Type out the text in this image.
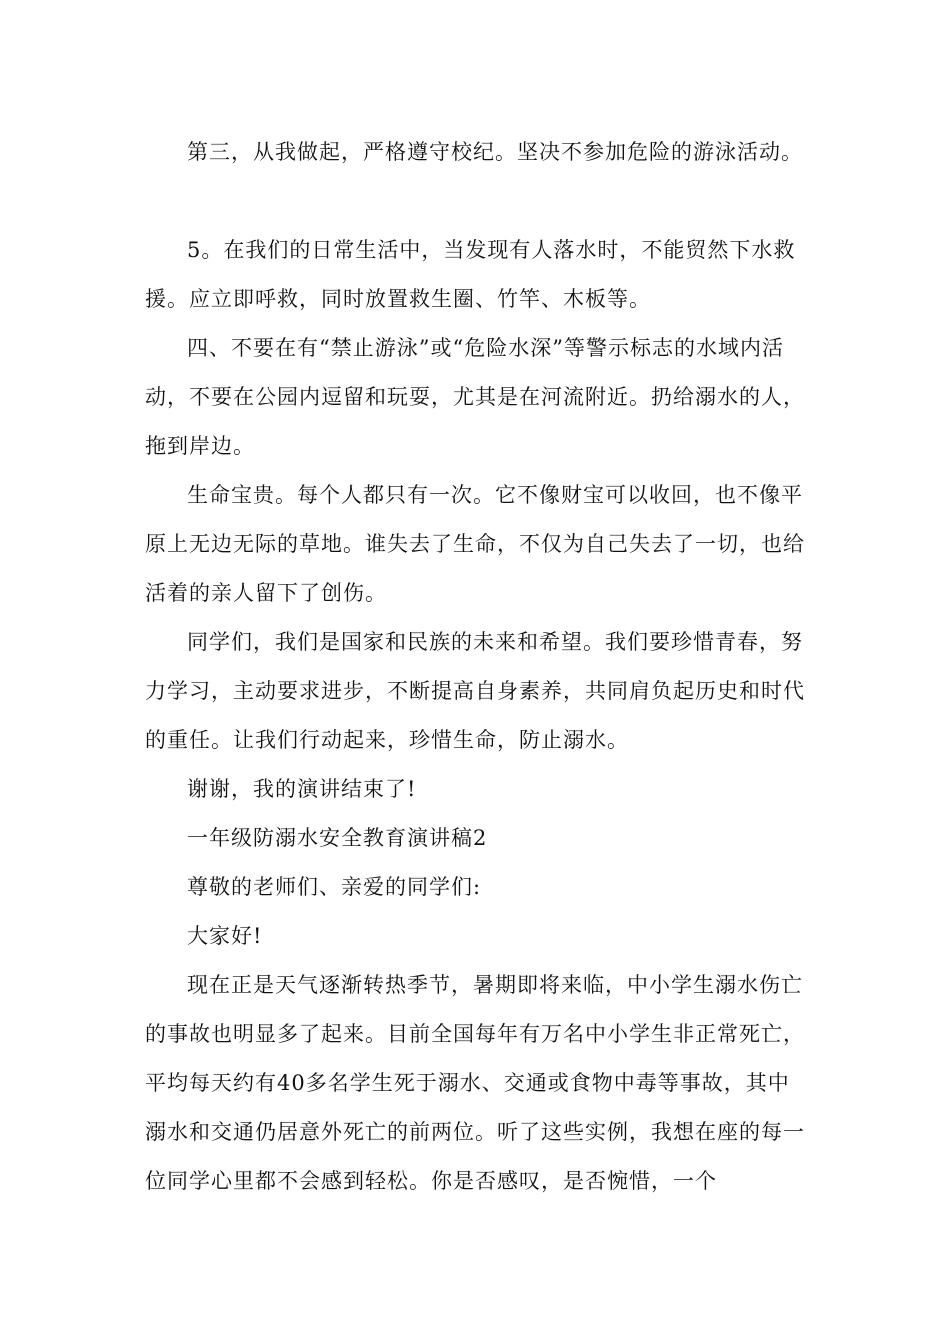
第三，从我做起，严格遵守校纪。坚决不参加危险的游泳活动。

5。在我们的日常生活中，当发现有人落水时，不能贸然下水救援。应立即呼救，同时放置救生圈、竹竿、木板等。

四、不要在有“禁止游泳”或“危险水深”等警示标志的水域内活动，不要在公园内逗留和玩耍，尤其是在河流附近。扔给溺水的人，拖到岸边。

生命宝贵。每个人都只有一次。它不像财宝可以收回，也不像平原上无边无际的草地。谁失去了生命，不仅为自己失去了一切，也给活着的亲人留下了创伤。

同学们，我们是国家和民族的未来和希望。我们要珍惜青春，努力学习，主动要求进步，不断提高自身素养，共同肩负起历史和时代的重任。让我们行动起来，珍惜生命，防止溺水。

谢谢，我的演讲结束了!

一年级防溺水安全教育演讲稿2

尊敬的老师们、亲爱的同学们:

大家好!

现在正是天气逐渐转热季节，暑期即将来临，中小学生溺水伤亡的事故也明显多了起来。目前全国每年有万名中小学生非正常死亡，平均每天约有40多名学生死于溺水、交通或食物中毒等事故，其中溺水和交通仍居意外死亡的前两位。听了这些实例，我想在座的每一位同学心里都不会感到轻松。你是否感叹，是否惋惜，一个
